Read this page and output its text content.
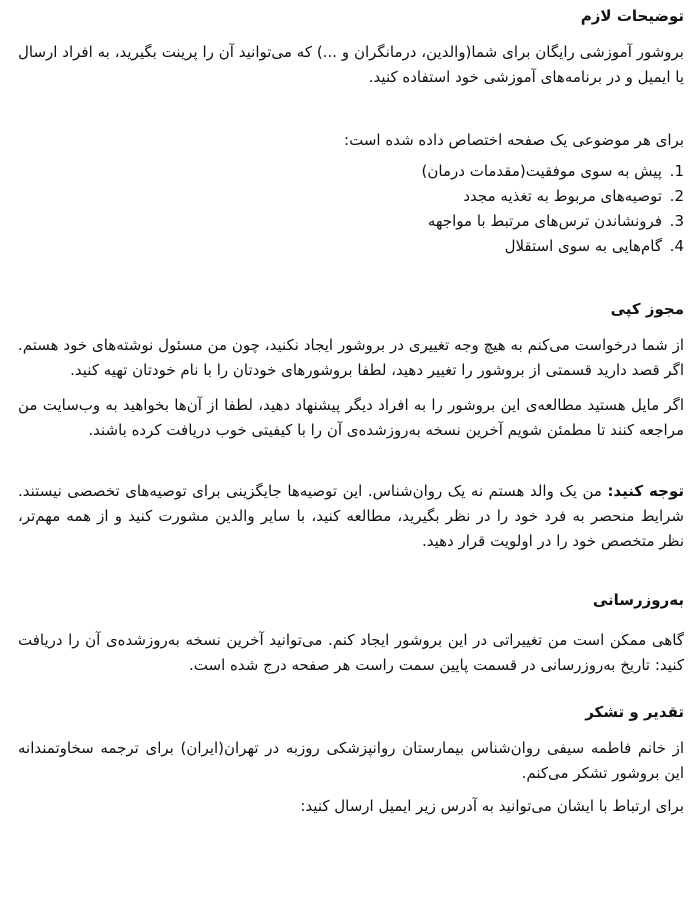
توضیحات لازم

بروشور آموزشی رایگان برای شما(والدین، درمانگران و ...) که می‌توانید آن را پرینت بگیرید، به افراد ارسال یا ایمیل و در برنامه‌های آموزشی خود استفاده کنید.

برای هر موضوعی یک صفحه اختصاص داده شده است:

1.
پیش به سوی موفقیت(مقدمات درمان)
2.
توصیه‌های مربوط به تغذیه مجدد
3.
فرونشاندن ترس‌های مرتبط با مواجهه
4.
گام‌هایی به سوی استقلال
مجوز کپی

از شما درخواست می‌کنم به هیچ وجه تغییری در بروشور ایجاد نکنید، چون من مسئول نوشته‌های خود هستم. اگر قصد دارید قسمتی از بروشور را تغییر دهید، لطفا بروشورهای خودتان را با نام خودتان تهیه کنید.

اگر مایل هستید مطالعه‌ی این بروشور را به افراد دیگر پیشنهاد دهید، لطفا از آن‌ها بخواهید به وب‌سایت من مراجعه کنند تا مطمئن شویم آخرین نسخه به‌روزشده‌ی آن را با کیفیتی خوب دریافت کرده باشند.

توجه کنید: من یک والد هستم نه یک روان‌شناس. این توصیه‌ها جایگزینی برای توصیه‌های تخصصی نیستند. شرایط منحصر به فرد خود را در نظر بگیرید، مطالعه کنید، با سایر والدین مشورت کنید و از همه مهم‌تر، نظر متخصص خود را در اولویت قرار دهید.

به‌روزرسانی

گاهی ممکن است من تغییراتی در این بروشور ایجاد کنم. می‌توانید آخرین نسخه به‌روزشده‌ی آن را دریافت کنید: تاریخ به‌روزرسانی در قسمت پایین سمت راست هر صفحه درج شده است.

تقدیر و تشکر

از خانم فاطمه سیفی روان‌شناس بیمارستان روانپزشکی روزبه در تهران(ایران) برای ترجمه سخاوتمندانه این بروشور تشکر می‌کنم.

برای ارتباط با ایشان می‌توانید به آدرس زیر ایمیل ارسال کنید:
